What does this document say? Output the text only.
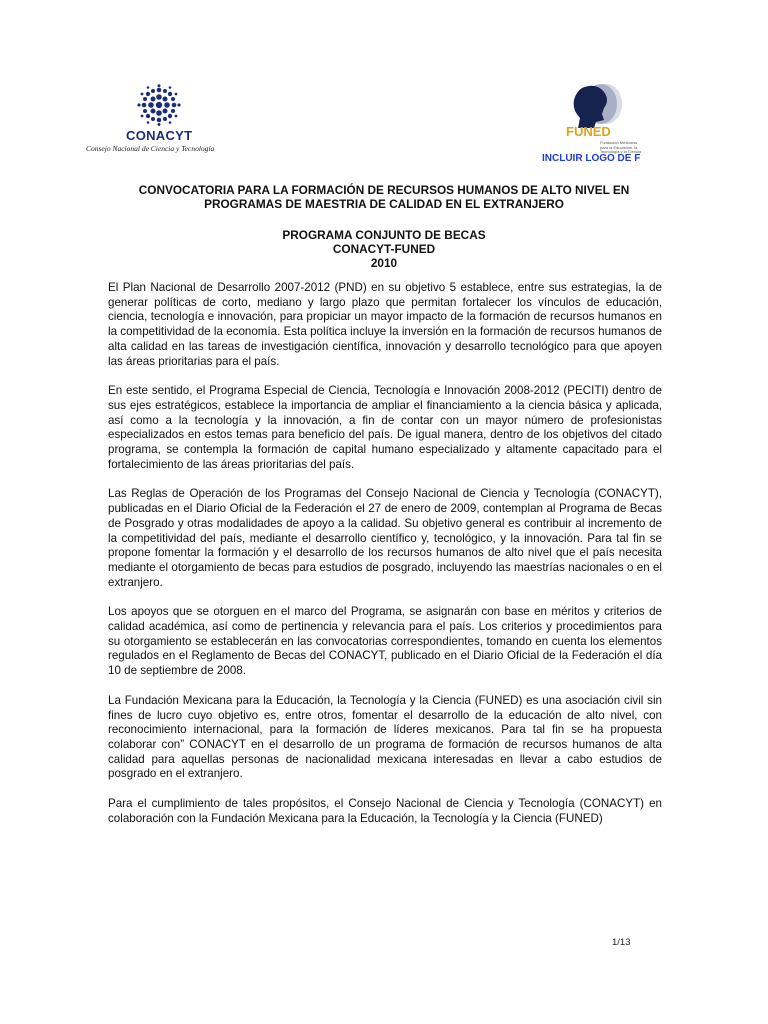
CONACYT
Consejo Nacional de Ciencia y Tecnología
FUNED
Fundación Mexicana para la Educación, la Tecnología y la Ciencia
INCLUIR LOGO DE F
CONVOCATORIA PARA LA FORMACIÓN DE RECURSOS HUMANOS DE ALTO NIVEL EN
PROGRAMAS DE MAESTRIA DE CALIDAD EN EL EXTRANJERO
PROGRAMA CONJUNTO DE BECAS
CONACYT-FUNED
2010

El Plan Nacional de Desarrollo 2007-2012 (PND) en su objetivo 5 establece, entre sus estrategias, la de generar políticas de corto, mediano y largo plazo que permitan fortalecer los vínculos de educación, ciencia, tecnología e innovación, para propiciar un mayor impacto de la formación de recursos humanos en la competitividad de la economía. Esta política incluye la inversión en la formación de recursos humanos de alta calidad en las tareas de investigación científica, innovación y desarrollo tecnológico para que apoyen las áreas prioritarias para el país.

En este sentido, el Programa Especial de Ciencia, Tecnología e Innovación 2008-2012 (PECITI) dentro de sus ejes estratégicos, establece la importancia de ampliar el financiamiento a la ciencia básica y aplicada, así como a la tecnología y la innovación, a fin de contar con un mayor número de profesionistas especializados en estos temas para beneficio del país. De igual manera, dentro de los objetivos del citado programa, se contempla la formación de capital humano especializado y altamente capacitado para el fortalecimiento de las áreas prioritarias del país.

Las Reglas de Operación de los Programas del Consejo Nacional de Ciencia y Tecnología (CONACYT), publicadas en el Diario Oficial de la Federación el 27 de enero de 2009, contemplan al Programa de Becas de Posgrado y otras modalidades de apoyo a la calidad. Su objetivo general es contribuir al incremento de la competitividad del país, mediante el desarrollo científico y, tecnológico, y la innovación. Para tal fin se propone fomentar la formación y el desarrollo de los recursos humanos de alto nivel que el país necesita mediante el otorgamiento de becas para estudios de posgrado, incluyendo las maestrías nacionales o en el extranjero.

Los apoyos que se otorguen en el marco del Programa, se asignarán con base en méritos y criterios de calidad académica, así como de pertinencia y relevancia para el país. Los criterios y procedimientos para su otorgamiento se establecerán en las convocatorias correspondientes, tomando en cuenta los elementos regulados en el Reglamento de Becas del CONACYT, publicado en el Diario Oficial de la Federación el día 10 de septiembre de 2008.

La Fundación Mexicana para la Educación, la Tecnología y la Ciencia (FUNED) es una asociación civil sin fines de lucro cuyo objetivo es, entre otros, fomentar el desarrollo de la educación de alto nivel, con reconocimiento internacional, para la formación de líderes mexicanos. Para tal fin se ha propuesta colaborar con” CONACYT en el desarrollo de un programa de formación de recursos humanos de alta calidad para aquellas personas de nacionalidad mexicana interesadas en llevar a cabo estudios de posgrado en el extranjero.

Para el cumplimiento de tales propósitos, el Consejo Nacional de Ciencia y Tecnología (CONACYT) en colaboración con la Fundación Mexicana para la Educación, la Tecnología y la Ciencia (FUNED)

1/13
